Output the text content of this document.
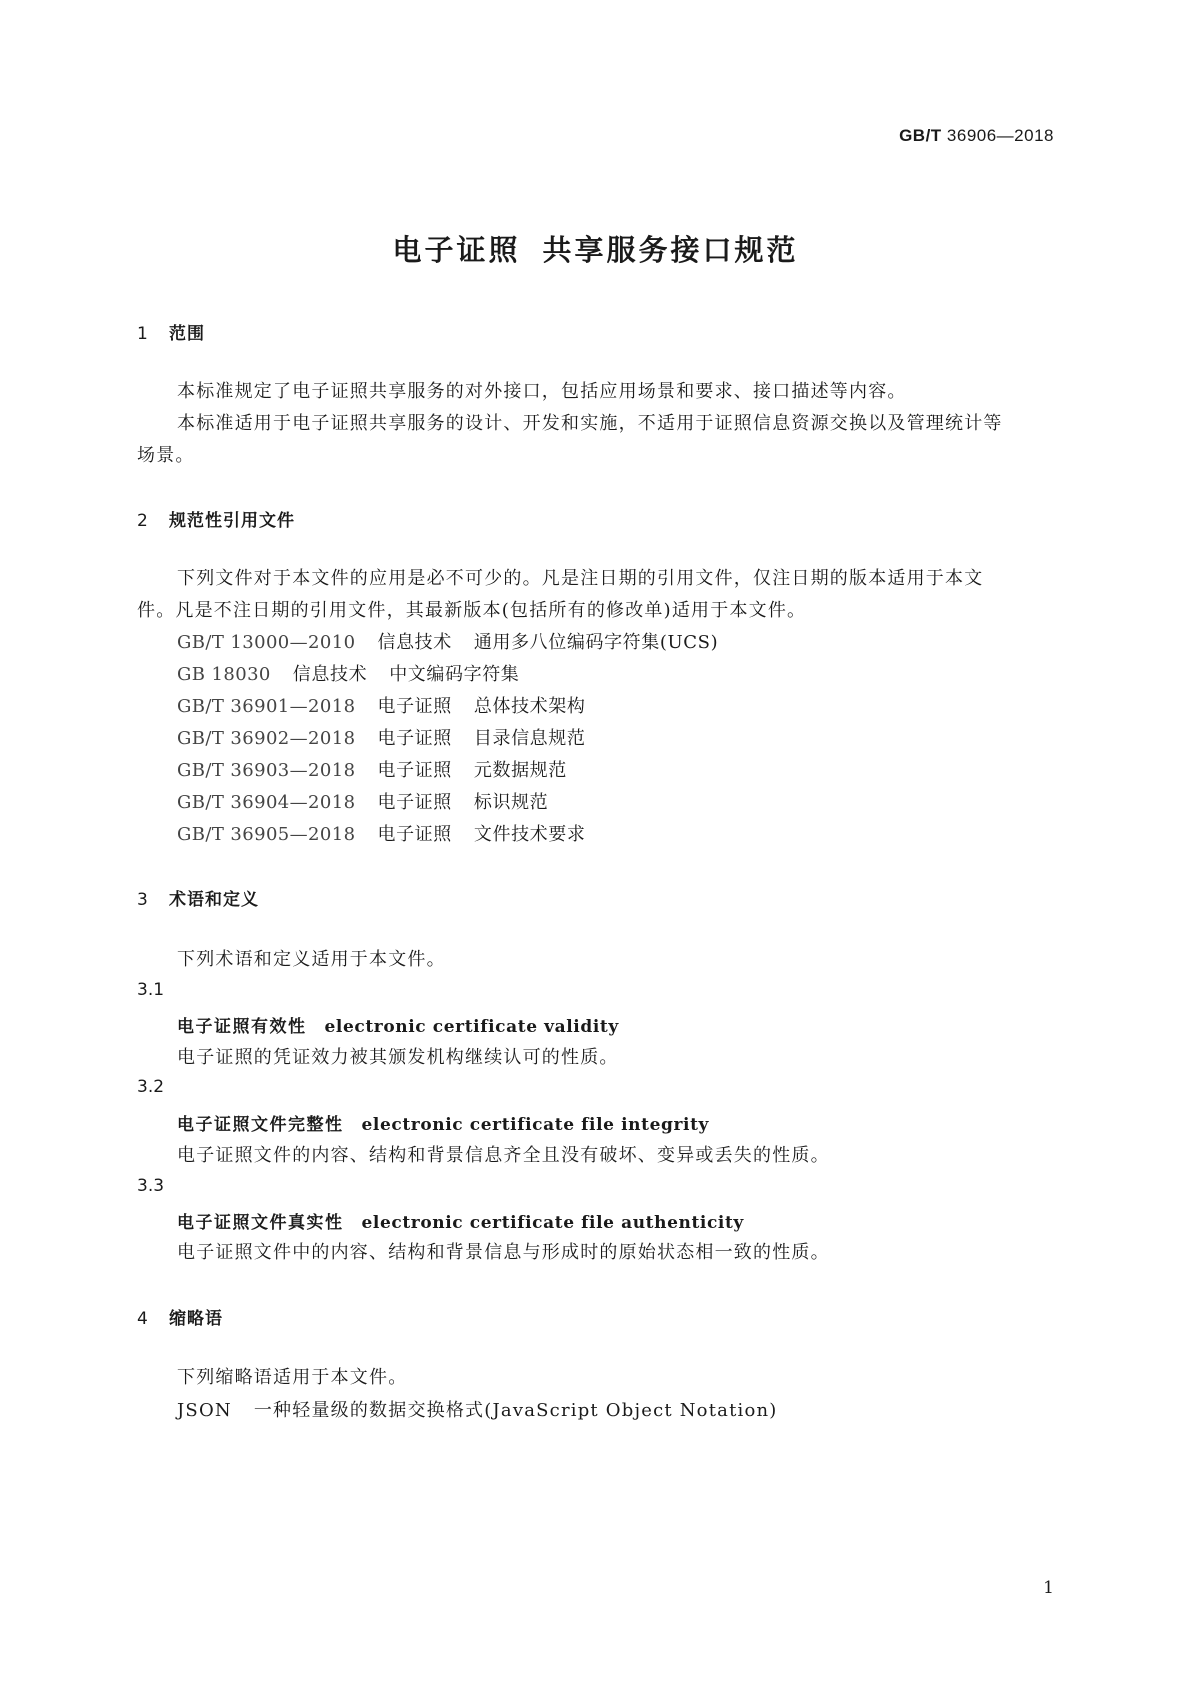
GB/T 36906—2018
电子证照 共享服务接口规范
1 范围
本标准规定了电子证照共享服务的对外接口，包括应用场景和要求、接口描述等内容。
本标准适用于电子证照共享服务的设计、开发和实施，不适用于证照信息资源交换以及管理统计等
场景。
2 规范性引用文件
下列文件对于本文件的应用是必不可少的。凡是注日期的引用文件，仅注日期的版本适用于本文
件。凡是不注日期的引用文件，其最新版本(包括所有的修改单)适用于本文件。
GB/T 13000—2010 信息技术 通用多八位编码字符集(UCS)
GB 18030 信息技术 中文编码字符集
GB/T 36901—2018 电子证照 总体技术架构
GB/T 36902—2018 电子证照 目录信息规范
GB/T 36903—2018 电子证照 元数据规范
GB/T 36904—2018 电子证照 标识规范
GB/T 36905—2018 电子证照 文件技术要求
3 术语和定义
下列术语和定义适用于本文件。
3.1
电子证照有效性 electronic certificate validity
电子证照的凭证效力被其颁发机构继续认可的性质。
3.2
电子证照文件完整性 electronic certificate file integrity
电子证照文件的内容、结构和背景信息齐全且没有破坏、变异或丢失的性质。
3.3
电子证照文件真实性 electronic certificate file authenticity
电子证照文件中的内容、结构和背景信息与形成时的原始状态相一致的性质。
4 缩略语
下列缩略语适用于本文件。
JSON 一种轻量级的数据交换格式(JavaScript Object Notation)
1
